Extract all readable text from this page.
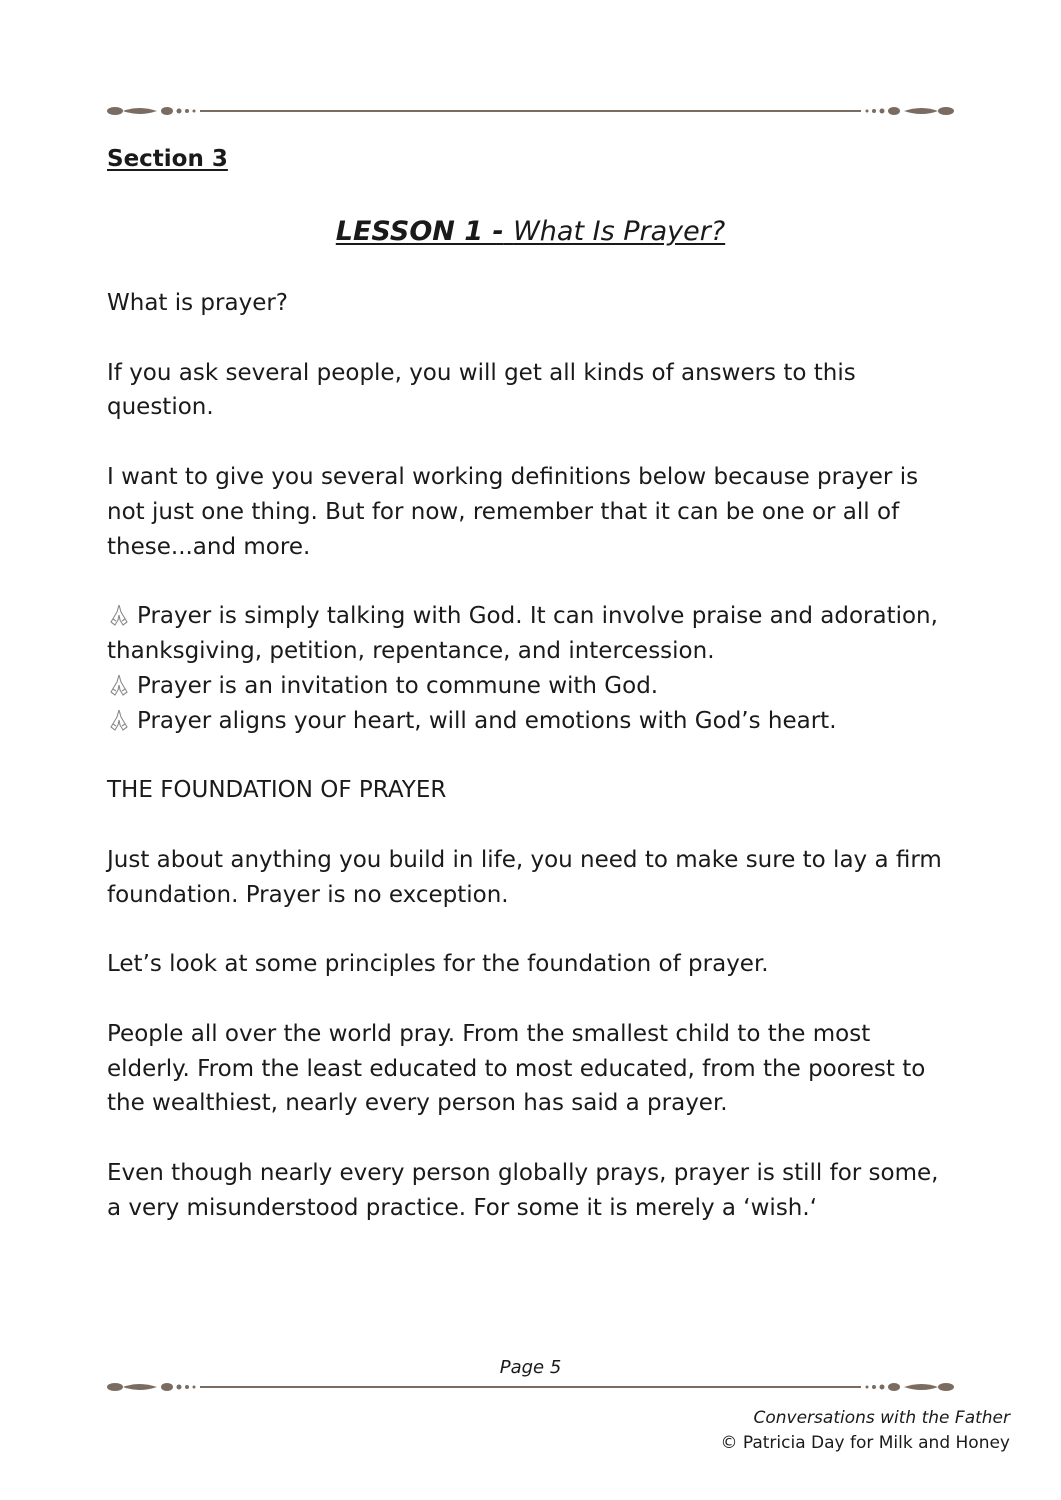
Section 3
LESSON 1 - What Is Prayer?

What is prayer?

If you ask several people, you will get all kinds of answers to this question.

I want to give you several working definitions below because prayer is not just one thing. But for now, remember that it can be one or all of these...and more.

Prayer is simply talking with God. It can involve praise and adoration, thanksgiving, petition, repentance, and intercession.
Prayer is an invitation to commune with God.
Prayer aligns your heart, will and emotions with God’s heart.

THE FOUNDATION OF PRAYER

Just about anything you build in life, you need to make sure to lay a firm foundation. Prayer is no exception.

Let’s look at some principles for the foundation of prayer.

People all over the world pray. From the smallest child to the most elderly. From the least educated to most educated, from the poorest to the wealthiest, nearly every person has said a prayer.

Even though nearly every person globally prays, prayer is still for some, a very misunderstood practice. For some it is merely a ‘wish.‘

Page 5
Conversations with the Father
© Patricia Day for Milk and Honey
